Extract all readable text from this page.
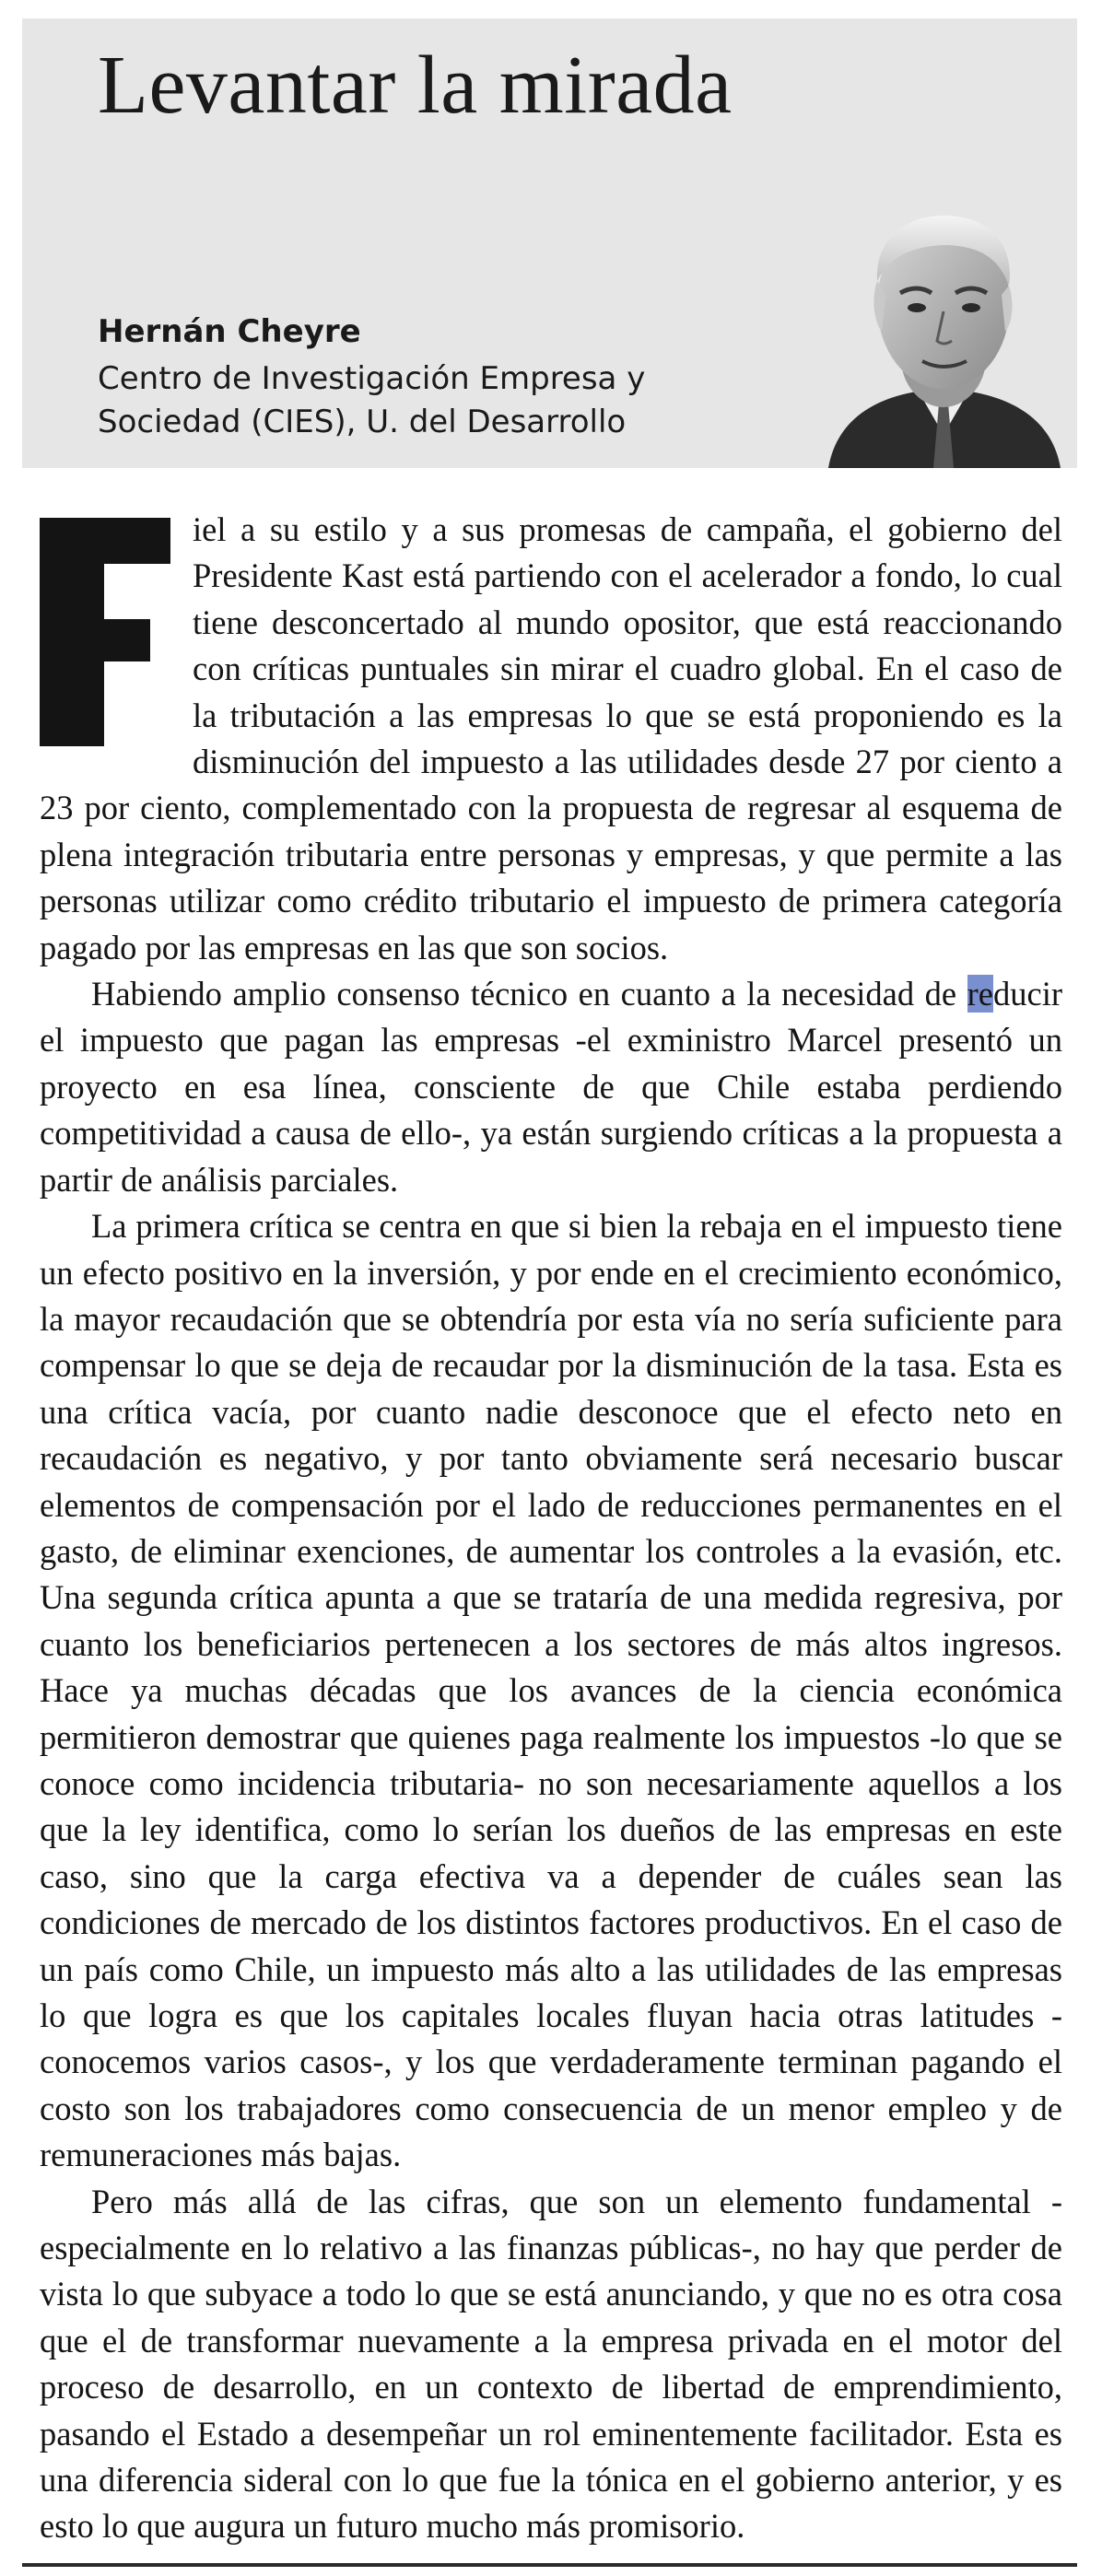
Levantar la mirada
Hernán Cheyre
Centro de Investigación Empresa y Sociedad (CIES), U. del Desarrollo

iel a su estilo y a sus promesas de campaña, el gobierno del Presidente Kast está partiendo con el acelerador a fondo, lo cual tiene desconcertado al mundo opositor, que está reaccionando con críticas puntuales sin mirar el cuadro global. En el caso de la tributación a las empresas lo que se está proponiendo es la disminución del impuesto a las utilidades desde 27 por ciento a 23 por ciento, complementado con la propuesta de regresar al esquema de plena integración tributaria entre personas y empresas, y que permite a las personas utilizar como crédito tributario el impuesto de primera categoría pagado por las empresas en las que son socios.

Habiendo amplio consenso técnico en cuanto a la necesidad de reducir el impuesto que pagan las empresas -el exministro Marcel presentó un proyecto en esa línea, consciente de que Chile estaba perdiendo competitividad a causa de ello-, ya están surgiendo críticas a la propuesta a partir de análisis parciales.

La primera crítica se centra en que si bien la rebaja en el impuesto tiene un efecto positivo en la inversión, y por ende en el crecimiento económico, la mayor recaudación que se obtendría por esta vía no sería suficiente para compensar lo que se deja de recaudar por la disminución de la tasa. Esta es una crítica vacía, por cuanto nadie desconoce que el efecto neto en recaudación es negativo, y por tanto obviamente será necesario buscar elementos de compensación por el lado de reducciones permanentes en el gasto, de eliminar exenciones, de aumentar los controles a la evasión, etc. Una segunda crítica apunta a que se trataría de una medida regresiva, por cuanto los beneficiarios pertenecen a los sectores de más altos ingresos. Hace ya muchas décadas que los avances de la ciencia económica permitieron demostrar que quienes paga realmente los impuestos -lo que se conoce como incidencia tributaria- no son necesariamente aquellos a los que la ley identifica, como lo serían los dueños de las empresas en este caso, sino que la carga efectiva va a depender de cuáles sean las condiciones de mercado de los distintos factores productivos. En el caso de un país como Chile, un impuesto más alto a las utilidades de las empresas lo que logra es que los capitales locales fluyan hacia otras latitudes -conocemos varios casos-, y los que verdaderamente terminan pagando el costo son los trabajadores como consecuencia de un menor empleo y de remuneraciones más bajas.

Pero más allá de las cifras, que son un elemento fundamental -especialmente en lo relativo a las finanzas públicas-, no hay que perder de vista lo que subyace a todo lo que se está anunciando, y que no es otra cosa que el de transformar nuevamente a la empresa privada en el motor del proceso de desarrollo, en un contexto de libertad de emprendimiento, pasando el Estado a desempeñar un rol eminentemente facilitador. Esta es una diferencia sideral con lo que fue la tónica en el gobierno anterior, y es esto lo que augura un futuro mucho más promisorio.
